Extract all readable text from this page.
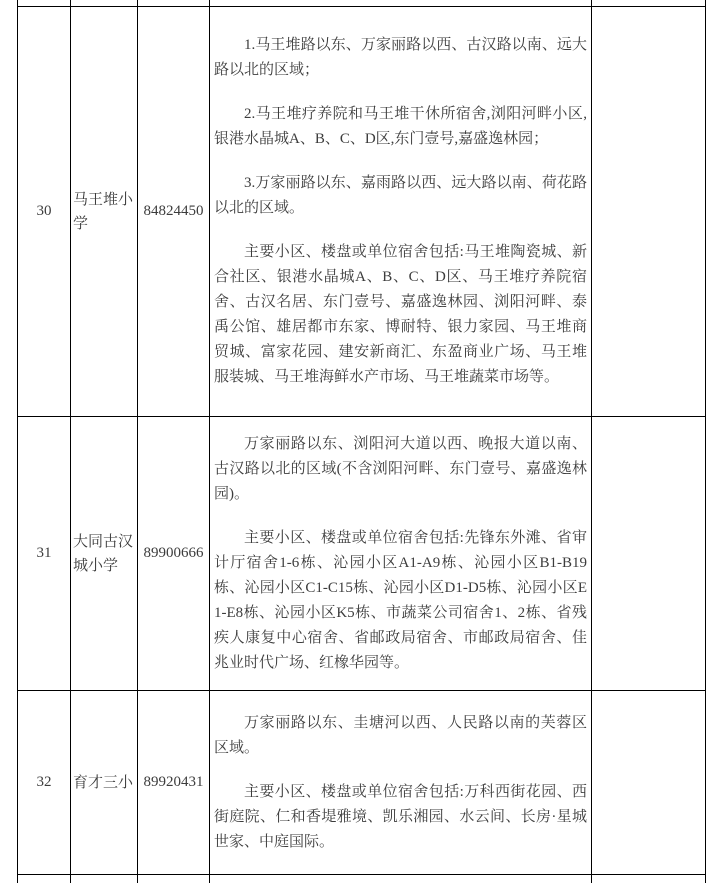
30	马王堆小学	84824450	1.马王堆路以东、万家丽路以西、古汉路以南、远大路以北的区域；

2.马王堆疗养院和马王堆干休所宿舍,浏阳河畔小区,银港水晶城A、B、C、D区,东门壹号,嘉盛逸林园；

3.万家丽路以东、嘉雨路以西、远大路以南、荷花路以北的区域。

主要小区、楼盘或单位宿舍包括:马王堆陶瓷城、新合社区、银港水晶城A、B、C、D区、马王堆疗养院宿舍、古汉名居、东门壹号、嘉盛逸林园、浏阳河畔、泰禹公馆、雄居都市东家、博耐特、银力家园、马王堆商贸城、富家花园、建安新商汇、东盈商业广场、马王堆服装城、马王堆海鲜水产市场、马王堆蔬菜市场等。	

31	大同古汉城小学	89900666	万家丽路以东、浏阳河大道以西、晚报大道以南、古汉路以北的区域(不含浏阳河畔、东门壹号、嘉盛逸林园)。

主要小区、楼盘或单位宿舍包括:先锋东外滩、省审计厅宿舍1-6栋、沁园小区A1-A9栋、沁园小区B1-B19栋、沁园小区C1-C15栋、沁园小区D1-D5栋、沁园小区E1-E8栋、沁园小区K5栋、市蔬菜公司宿舍1、2栋、省残疾人康复中心宿舍、省邮政局宿舍、市邮政局宿舍、佳兆业时代广场、红橡华园等。	

32	育才三小	89920431	万家丽路以东、圭塘河以西、人民路以南的芙蓉区区域。

主要小区、楼盘或单位宿舍包括:万科西街花园、西街庭院、仁和香堤雅境、凯乐湘园、水云间、长房·星城世家、中庭国际。	
